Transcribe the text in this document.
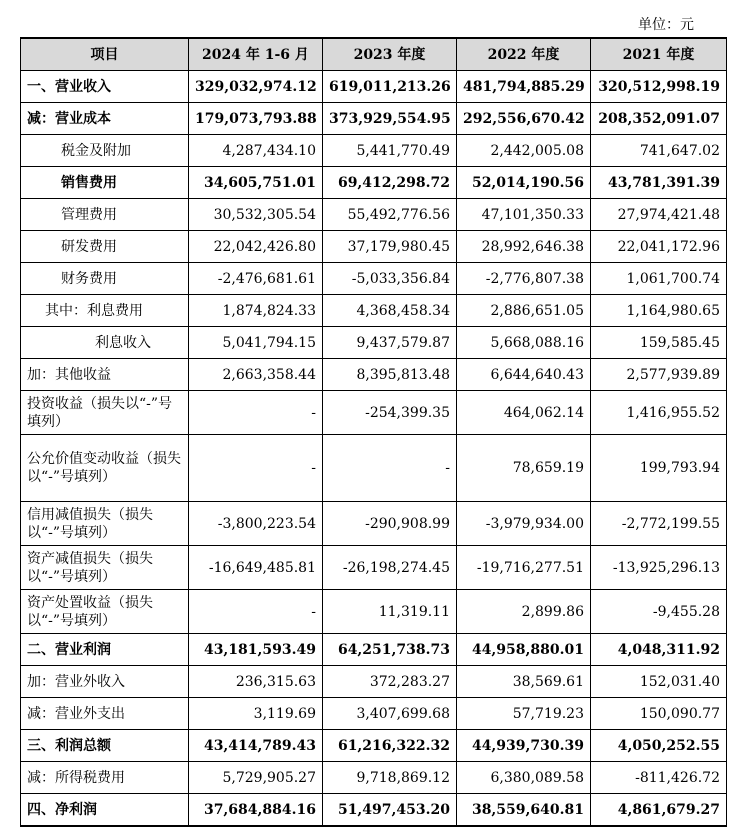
单位：元
项目	2024 年 1-6 月	2023 年度	2022 年度	2021 年度
一、营业收入	329,032,974.12	619,011,213.26	481,794,885.29	320,512,998.19
减：营业成本	179,073,793.88	373,929,554.95	292,556,670.42	208,352,091.07
税金及附加	4,287,434.10	5,441,770.49	2,442,005.08	741,647.02
销售费用	34,605,751.01	69,412,298.72	52,014,190.56	43,781,391.39
管理费用	30,532,305.54	55,492,776.56	47,101,350.33	27,974,421.48
研发费用	22,042,426.80	37,179,980.45	28,992,646.38	22,041,172.96
财务费用	-2,476,681.61	-5,033,356.84	-2,776,807.38	1,061,700.74
其中：利息费用	1,874,824.33	4,368,458.34	2,886,651.05	1,164,980.65
利息收入	5,041,794.15	9,437,579.87	5,668,088.16	159,585.45
加：其他收益	2,663,358.44	8,395,813.48	6,644,640.43	2,577,939.89
投资收益（损失以“-”号填列）	-	-254,399.35	464,062.14	1,416,955.52
公允价值变动收益（损失以“-”号填列）	-	-	78,659.19	199,793.94
信用减值损失（损失以“-”号填列）	-3,800,223.54	-290,908.99	-3,979,934.00	-2,772,199.55
资产减值损失（损失以“-”号填列）	-16,649,485.81	-26,198,274.45	-19,716,277.51	-13,925,296.13
资产处置收益（损失以“-”号填列）	-	11,319.11	2,899.86	-9,455.28
二、营业利润	43,181,593.49	64,251,738.73	44,958,880.01	4,048,311.92
加：营业外收入	236,315.63	372,283.27	38,569.61	152,031.40
减：营业外支出	3,119.69	3,407,699.68	57,719.23	150,090.77
三、利润总额	43,414,789.43	61,216,322.32	44,939,730.39	4,050,252.55
减：所得税费用	5,729,905.27	9,718,869.12	6,380,089.58	-811,426.72
四、净利润	37,684,884.16	51,497,453.20	38,559,640.81	4,861,679.27
